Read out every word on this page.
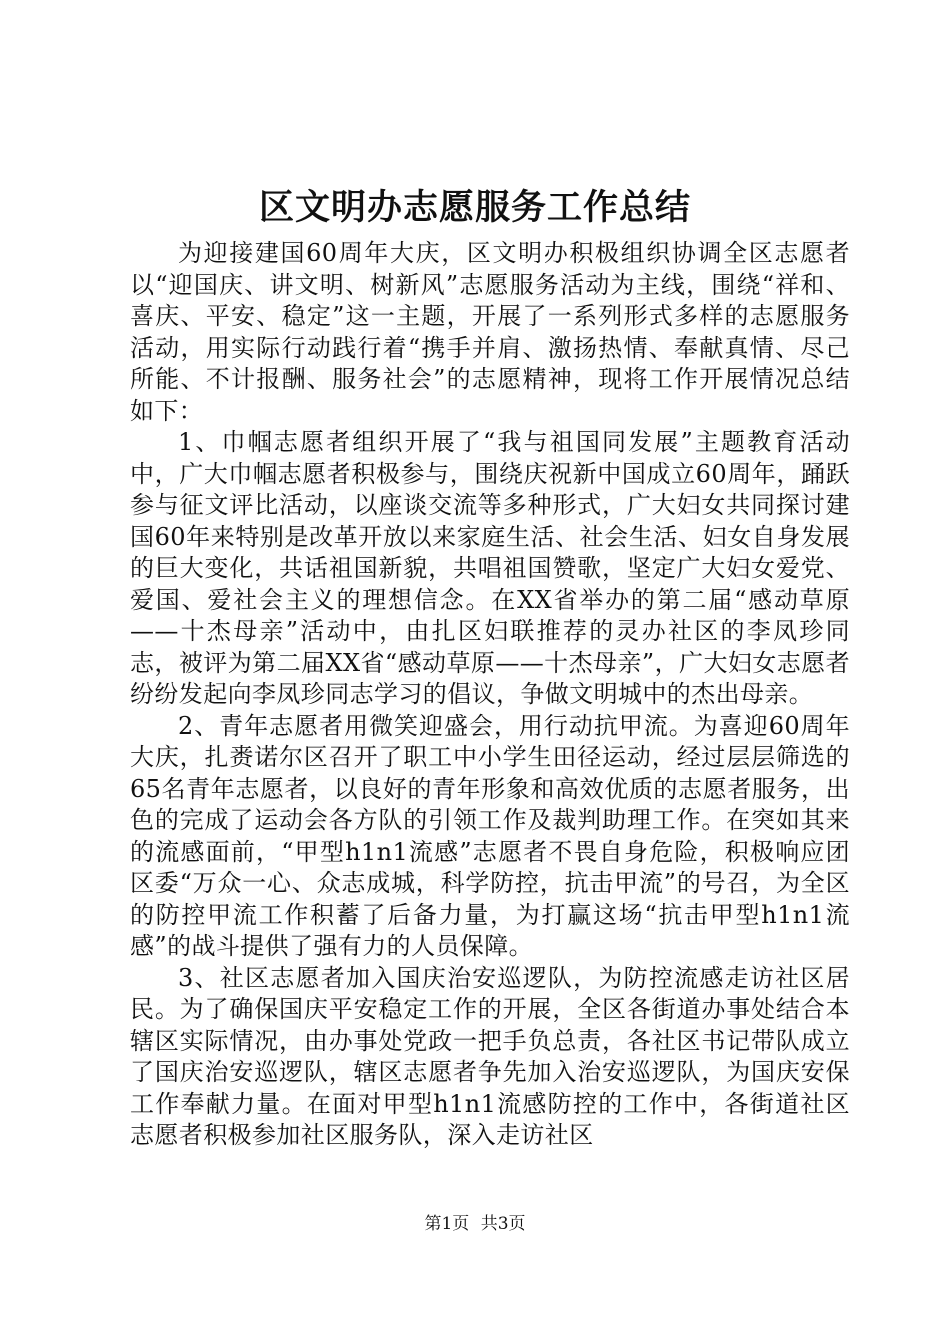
区文明办志愿服务工作总结

为迎接建国60周年大庆，区文明办积极组织协调全区志愿者以“迎国庆、讲文明、树新风”志愿服务活动为主线，围绕“祥和、喜庆、平安、稳定”这一主题，开展了一系列形式多样的志愿服务活动，用实际行动践行着“携手并肩、激扬热情、奉献真情、尽己所能、不计报酬、服务社会”的志愿精神，现将工作开展情况总结如下：

1、巾帼志愿者组织开展了“我与祖国同发展”主题教育活动中，广大巾帼志愿者积极参与，围绕庆祝新中国成立60周年，踊跃参与征文评比活动，以座谈交流等多种形式，广大妇女共同探讨建国60年来特别是改革开放以来家庭生活、社会生活、妇女自身发展的巨大变化，共话祖国新貌，共唱祖国赞歌，坚定广大妇女爱党、爱国、爱社会主义的理想信念。在XX省举办的第二届“感动草原——十杰母亲”活动中，由扎区妇联推荐的灵办社区的李凤珍同志，被评为第二届XX省“感动草原——十杰母亲”，广大妇女志愿者纷纷发起向李凤珍同志学习的倡议，争做文明城中的杰出母亲。

2、青年志愿者用微笑迎盛会，用行动抗甲流。为喜迎60周年大庆，扎赉诺尔区召开了职工中小学生田径运动，经过层层筛选的65名青年志愿者，以良好的青年形象和高效优质的志愿者服务，出色的完成了运动会各方队的引领工作及裁判助理工作。在突如其来的流感面前，“甲型h1n1流感”志愿者不畏自身危险，积极响应团区委“万众一心、众志成城，科学防控，抗击甲流”的号召，为全区的防控甲流工作积蓄了后备力量，为打赢这场“抗击甲型h1n1流感”的战斗提供了强有力的人员保障。

3、社区志愿者加入国庆治安巡逻队，为防控流感走访社区居民。为了确保国庆平安稳定工作的开展，全区各街道办事处结合本辖区实际情况，由办事处党政一把手负总责，各社区书记带队成立了国庆治安巡逻队，辖区志愿者争先加入治安巡逻队，为国庆安保工作奉献力量。在面对甲型h1n1流感防控的工作中，各街道社区志愿者积极参加社区服务队，深入走访社区

第1页 共3页
